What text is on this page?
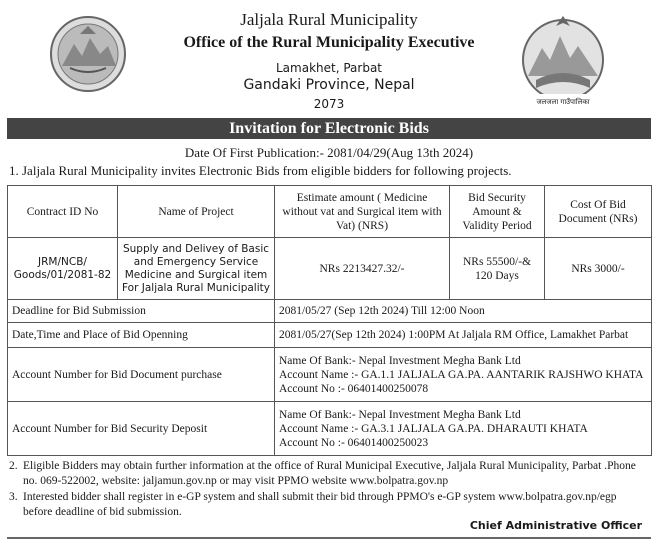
Jaljala Rural Municipality
Office of the Rural Municipality Executive
Lamakhet, Parbat
Gandaki Province, Nepal
2073	जलजला गाउँपालिका
Invitation for Electronic Bids
Date Of First Publication:- 2081/04/29(Aug 13th 2024)
1. Jaljala Rural Municipality invites Electronic Bids from eligible bidders for following projects.
Contract ID No	Name of Project	Estimate amount ( Medicine without vat and Surgical item with Vat) (NRS)	Bid Security Amount & Validity Period	Cost Of Bid Document (NRs)
JRM/NCB/ Goods/01/2081-82	Supply and Delivey of Basic and Emergency Service Medicine and Surgical item For Jaljala Rural Municipality	NRs 2213427.32/-	NRs 55500/-& 120 Days	NRs 3000/-
Deadline for Bid Submission		2081/05/27 (Sep 12th 2024) Till 12:00 Noon		
Date,Time and Place of Bid Openning		2081/05/27(Sep 12th 2024) 1:00PM At Jaljala RM Office, Lamakhet Parbat		
Account Number for Bid Document purchase		Name Of Bank:- Nepal Investment Megha Bank Ltd
Account Name :- GA.1.1 JALJALA GA.PA. AANTARIK RAJSHWO KHATA
Account No :- 06401400250078		

Account Number for Bid Security Deposit		Name Of Bank:- Nepal Investment Megha Bank Ltd
Account Name :- GA.3.1 JALJALA GA.PA. DHARAUTI KHATA
Account No :- 06401400250023		
2. Eligible Bidders may obtain further information at the office of Rural Municipal Executive, Jaljala Rural Municipality, Parbat .Phone no. 069-522002, website: jaljamun.gov.np or may visit PPMO website www.bolpatra.gov.np
3. Interested bidder shall register in e-GP system and shall submit their bid through PPMO's e-GP system www.bolpatra.gov.np/egp before deadline of bid submission.
Chief Administrative Officer
